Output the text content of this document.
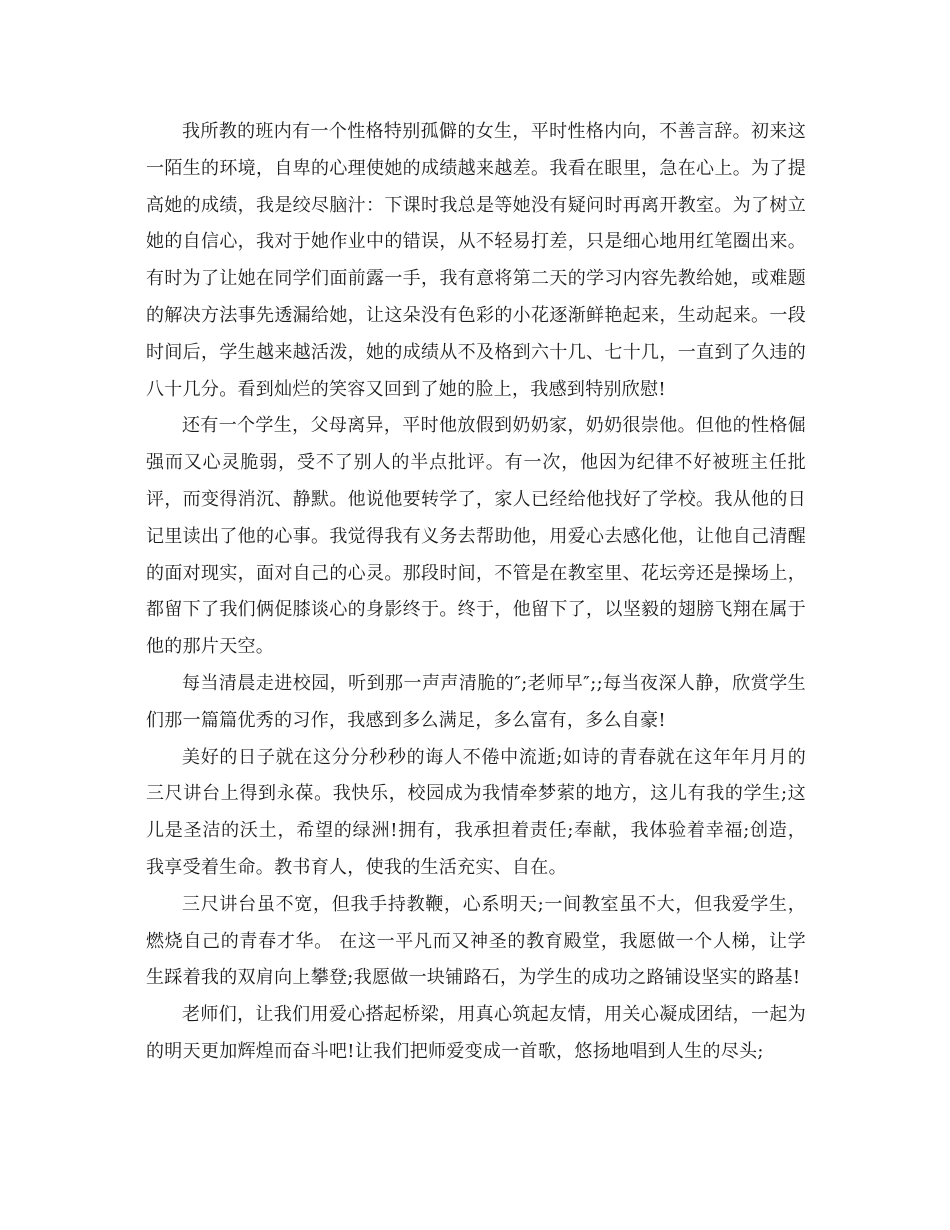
我所教的班内有一个性格特别孤僻的女生，平时性格内向，不善言辞。初来这一陌生的环境，自卑的心理使她的成绩越来越差。我看在眼里，急在心上。为了提高她的成绩，我是绞尽脑汁：下课时我总是等她没有疑问时再离开教室。为了树立她的自信心，我对于她作业中的错误，从不轻易打差，只是细心地用红笔圈出来。有时为了让她在同学们面前露一手，我有意将第二天的学习内容先教给她，或难题的解决方法事先透漏给她，让这朵没有色彩的小花逐渐鲜艳起来，生动起来。一段时间后，学生越来越活泼，她的成绩从不及格到六十几、七十几，一直到了久违的八十几分。看到灿烂的笑容又回到了她的脸上，我感到特别欣慰!

还有一个学生，父母离异，平时他放假到奶奶家，奶奶很崇他。但他的性格倔强而又心灵脆弱，受不了别人的半点批评。有一次，他因为纪律不好被班主任批评，而变得消沉、静默。他说他要转学了，家人已经给他找好了学校。我从他的日记里读出了他的心事。我觉得我有义务去帮助他，用爱心去感化他，让他自己清醒的面对现实，面对自己的心灵。那段时间，不管是在教室里、花坛旁还是操场上，都留下了我们俩促膝谈心的身影终于。终于，他留下了，以坚毅的翅膀飞翔在属于他的那片天空。

每当清晨走进校园，听到那一声声清脆的″;老师早″;;每当夜深人静，欣赏学生们那一篇篇优秀的习作，我感到多么满足，多么富有，多么自豪!

美好的日子就在这分分秒秒的诲人不倦中流逝;如诗的青春就在这年年月月的三尺讲台上得到永葆。我快乐，校园成为我情牵梦萦的地方，这儿有我的学生;这儿是圣洁的沃土，希望的绿洲!拥有，我承担着责任;奉献，我体验着幸福;创造，我享受着生命。教书育人，使我的生活充实、自在。

三尺讲台虽不宽，但我手持教鞭，心系明天;一间教室虽不大，但我爱学生，燃烧自己的青春才华。 在这一平凡而又神圣的教育殿堂，我愿做一个人梯，让学生踩着我的双肩向上攀登;我愿做一块铺路石，为学生的成功之路铺设坚实的路基!

老师们，让我们用爱心搭起桥梁，用真心筑起友情，用关心凝成团结，一起为的明天更加辉煌而奋斗吧!让我们把师爱变成一首歌，悠扬地唱到人生的尽头;
